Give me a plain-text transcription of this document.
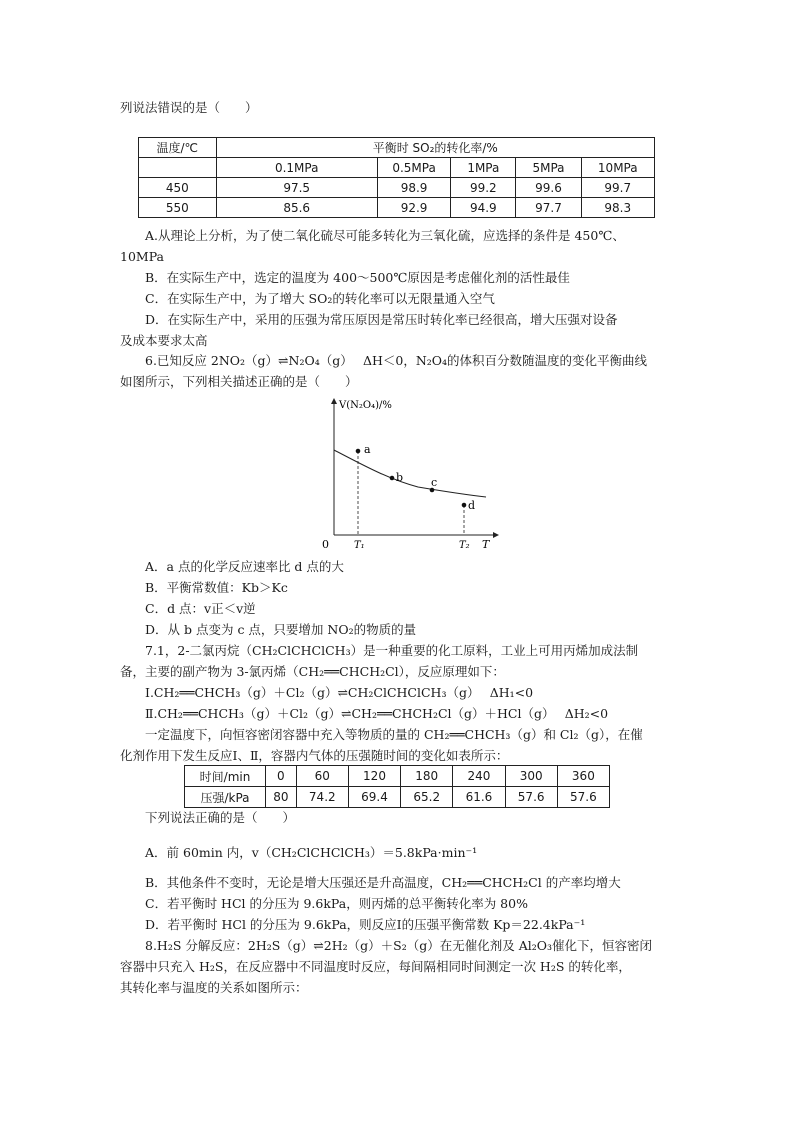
列说法错误的是（　　）
温度/℃	平衡时 SO₂的转化率/%				
	0.1MPa	0.5MPa	1MPa	5MPa	10MPa
450	97.5	98.9	99.2	99.6	99.7
550	85.6	92.9	94.9	97.7	98.3
A.从理论上分析，为了使二氧化硫尽可能多转化为三氧化硫，应选择的条件是 450℃、
10MPa
B．在实际生产中，选定的温度为 400～500℃原因是考虑催化剂的活性最佳
C．在实际生产中，为了增大 SO₂的转化率可以无限量通入空气
D．在实际生产中，采用的压强为常压原因是常压时转化率已经很高，增大压强对设备
及成本要求太高
6.已知反应 2NO₂（g）⇌N₂O₄（g）　 ΔH＜0，N₂O₄的体积百分数随温度的变化平衡曲线
如图所示，下列相关描述正确的是（　　）
V(N₂O₄)/%
T
0
a
b	c
d
T₁	T₂
A．a 点的化学反应速率比 d 点的大
B．平衡常数值：Kb＞Kc
C．d 点：v正＜v逆
D．从 b 点变为 c 点，只要增加 NO₂的物质的量
7.1，2-二氯丙烷（CH₂ClCHClCH₃）是一种重要的化工原料，工业上可用丙烯加成法制
备，主要的副产物为 3-氯丙烯（CH₂══CHCH₂Cl），反应原理如下：
Ⅰ.CH₂══CHCH₃（g）＋Cl₂（g）⇌CH₂ClCHClCH₃（g）　 ΔH₁<0
Ⅱ.CH₂══CHCH₃（g）＋Cl₂（g）⇌CH₂══CHCH₂Cl（g）＋HCl（g）　 ΔH₂<0
一定温度下，向恒容密闭容器中充入等物质的量的 CH₂══CHCH₃（g）和 Cl₂（g），在催
化剂作用下发生反应Ⅰ、Ⅱ，容器内气体的压强随时间的变化如表所示：
时间/min	0	60	120	180	240	300	360
压强/kPa	80	74.2	69.4	65.2	61.6	57.6	57.6
下列说法正确的是（　　）
A．前 60min 内，v（CH₂ClCHClCH₃）＝5.8kPa·min⁻¹
B．其他条件不变时，无论是增大压强还是升高温度，CH₂══CHCH₂Cl 的产率均增大
C．若平衡时 HCl 的分压为 9.6kPa，则丙烯的总平衡转化率为 80%
D．若平衡时 HCl 的分压为 9.6kPa，则反应Ⅰ的压强平衡常数 Kp＝22.4kPa⁻¹
8.H₂S 分解反应：2H₂S（g）⇌2H₂（g）＋S₂（g）在无催化剂及 Al₂O₃催化下，恒容密闭
容器中只充入 H₂S，在反应器中不同温度时反应，每间隔相同时间测定一次 H₂S 的转化率，
其转化率与温度的关系如图所示：
